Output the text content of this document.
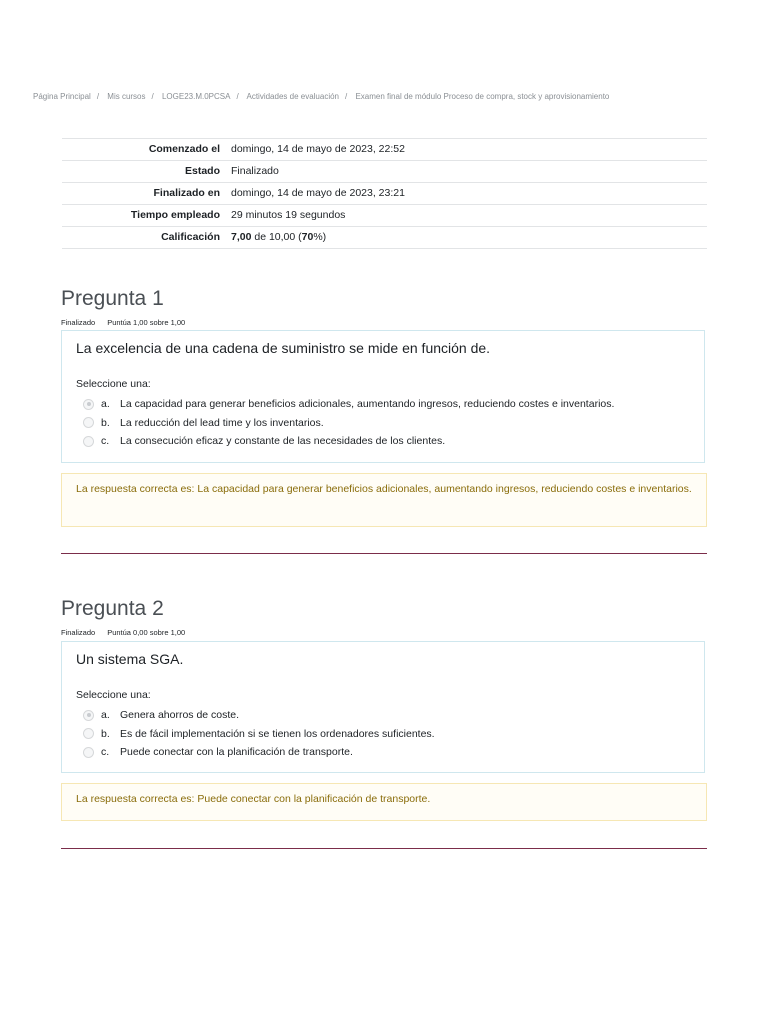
Página Principal / Mis cursos / LOGE23.M.0PCSA / Actividades de evaluación / Examen final de módulo Proceso de compra, stock y aprovisionamiento
Comenzado el	domingo, 14 de mayo de 2023, 22:52
Estado	Finalizado
Finalizado en	domingo, 14 de mayo de 2023, 23:21
Tiempo empleado	29 minutos 19 segundos
Calificación	7,00 de 10,00 (70%)
Pregunta 1
Finalizado Puntúa 1,00 sobre 1,00

La excelencia de una cadena de suministro se mide en función de.

Seleccione una:
a. La capacidad para generar beneficios adicionales, aumentando ingresos, reduciendo costes e inventarios.
b. La reducción del lead time y los inventarios.
c.	La consecución eficaz y constante de las necesidades de los clientes.
La respuesta correcta es: La capacidad para generar beneficios adicionales, aumentando ingresos, reduciendo costes e inventarios.
Pregunta 2
Finalizado Puntúa 0,00 sobre 1,00

Un sistema SGA.

Seleccione una:
a. Genera ahorros de coste.
b. Es de fácil implementación si se tienen los ordenadores suficientes.
c.	Puede conectar con la planificación de transporte.
La respuesta correcta es: Puede conectar con la planificación de transporte.
